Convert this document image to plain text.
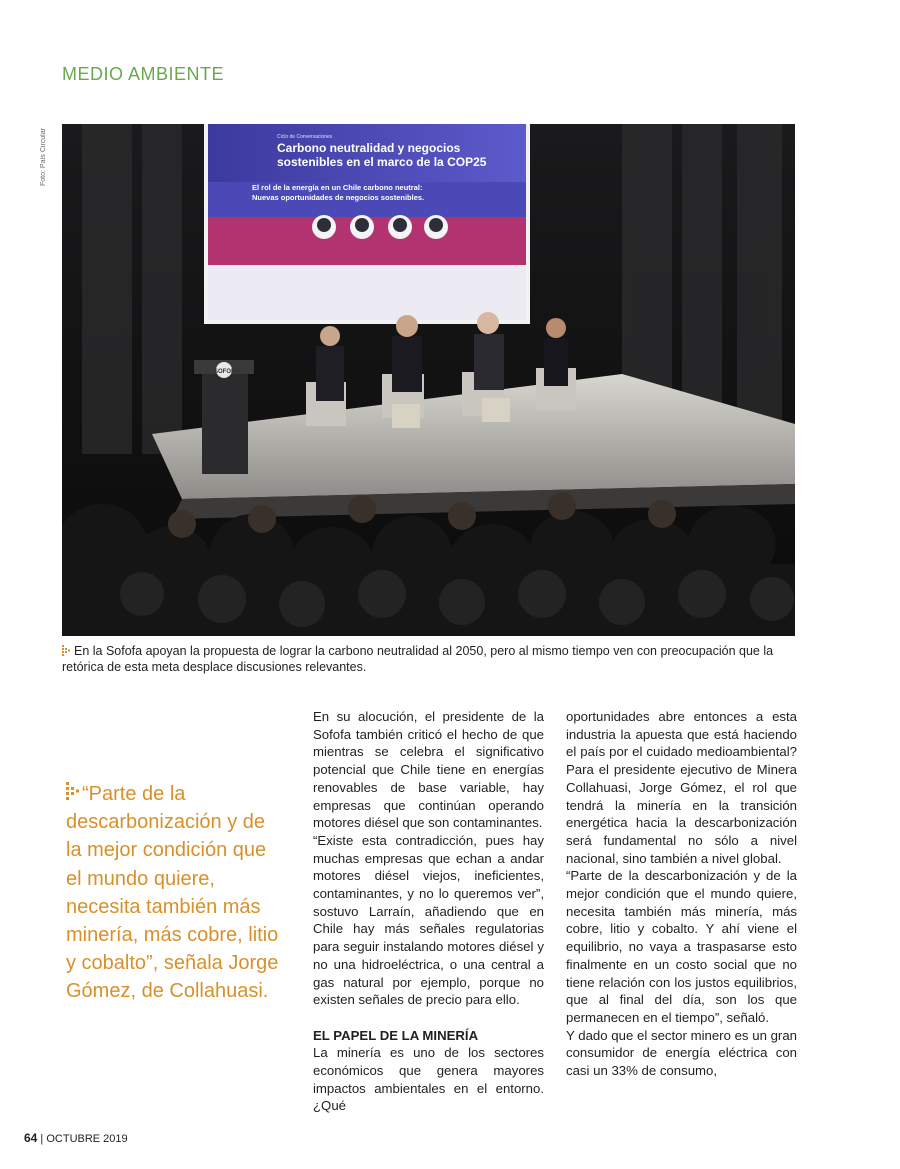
MEDIO AMBIENTE
Foto: País Circular	Ciclo de Conversaciones
Carbono neutralidad y negocios
sostenibles en el marco de la COP25
El rol de la energía en un Chile carbono neutral:
Nuevas oportunidades de negocios sostenibles.
SOFOFA
En la Sofofa apoyan la propuesta de lograr la carbono neutralidad al 2050, pero al mismo tiempo ven con preocupación que la retórica de esta meta desplace discusiones relevantes.
“Parte de la descarbonización y de la mejor condición que el mundo quiere, necesita también más minería, más cobre, litio y cobalto”, señala Jorge Gómez, de Collahuasi.

En su alocución, el presidente de la Sofofa también criticó el hecho de que mientras se celebra el significativo potencial que Chile tiene en energías renovables de base variable, hay empresas que continúan operando motores diésel que son contaminantes.

“Existe esta contradicción, pues hay muchas empresas que echan a andar motores diésel viejos, ineficientes, contaminantes, y no lo queremos ver”, sostuvo Larraín, añadiendo que en Chile hay más señales regulatorias para seguir instalando motores diésel y no una hidroeléctrica, o una central a gas natural por ejemplo, porque no existen señales de precio para ello.

EL PAPEL DE LA MINERÍA

La minería es uno de los sectores económicos que genera mayores impactos ambientales en el entorno. ¿Qué

oportunidades abre entonces a esta industria la apuesta que está haciendo el país por el cuidado medioambiental? Para el presidente ejecutivo de Minera Collahuasi, Jorge Gómez, el rol que tendrá la minería en la transición energética hacia la descarbonización será fundamental no sólo a nivel nacional, sino también a nivel global.

“Parte de la descarbonización y de la mejor condición que el mundo quiere, necesita también más minería, más cobre, litio y cobalto. Y ahí viene el equilibrio, no vaya a traspasarse esto finalmente en un costo social que no tiene relación con los justos equilibrios, que al final del día, son los que permanecen en el tiempo”, señaló.

Y dado que el sector minero es un gran consumidor de energía eléctrica con casi un 33% de consumo,

64 | OCTUBRE 2019
